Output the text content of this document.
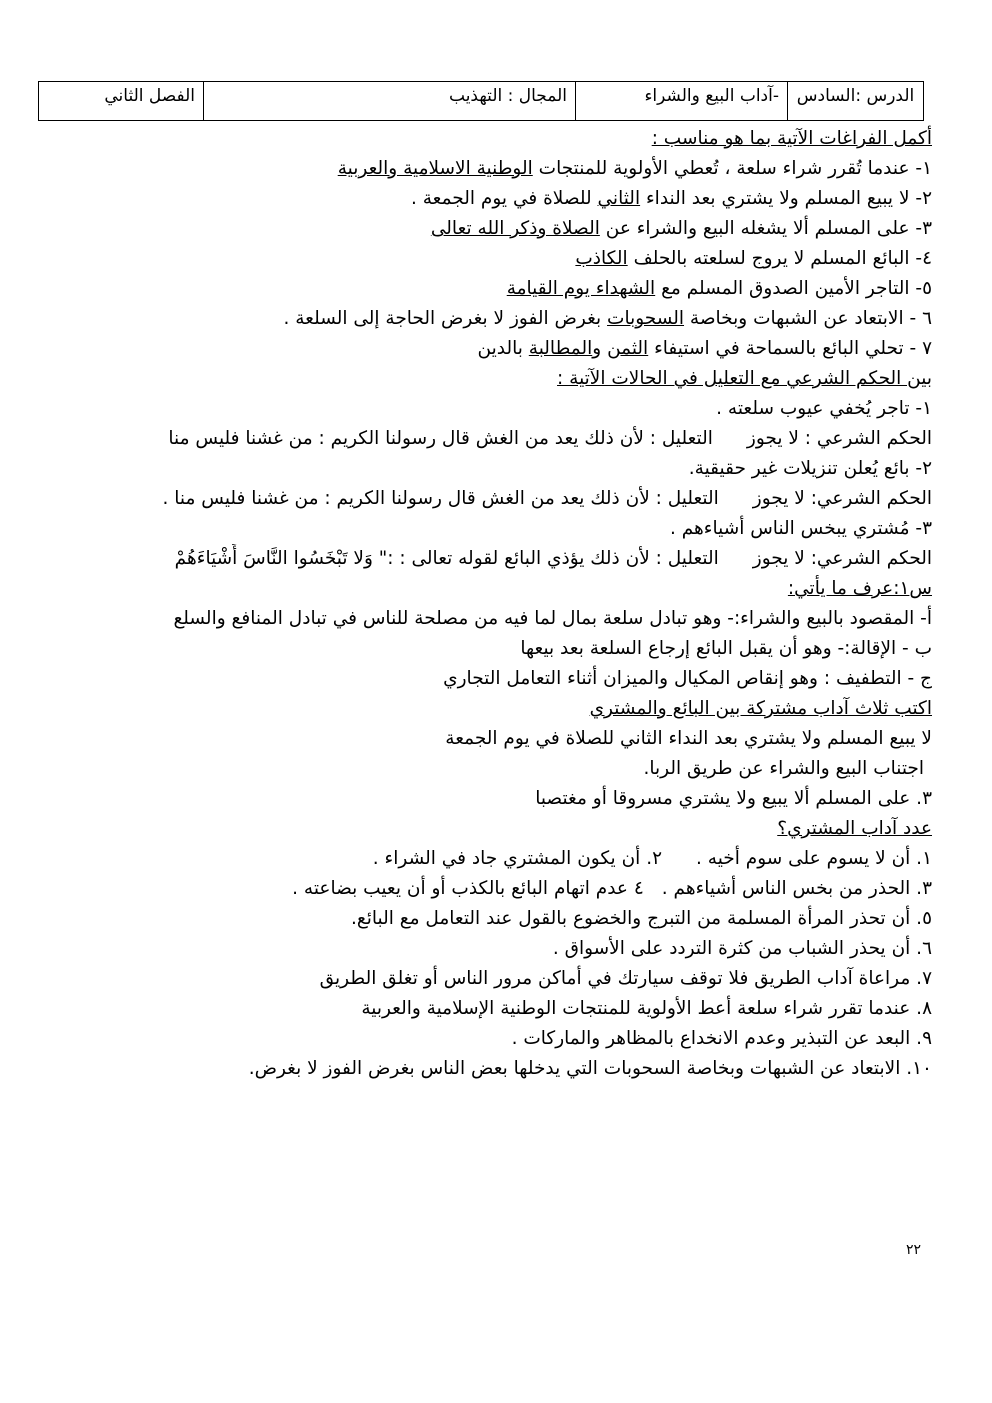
الدرس :السادس
-آداب البيع والشراء
المجال : التهذيب
الفصل الثاني
أكمل الفراغات الآتية بما هو مناسب :
١- عندما تُقرر شراء سلعة ، تُعطي الأولوية للمنتجات الوطنية الاسلامية والعربية
٢- لا يبيع المسلم ولا يشتري بعد النداء الثاني للصلاة في يوم الجمعة .
٣- على المسلم ألا يشغله البيع والشراء عن الصلاة وذكر الله تعالى
٤- البائع المسلم لا يروج لسلعته بالحلف الكاذب
٥- التاجر الأمين الصدوق المسلم مع الشهداء يوم القيامة
٦ - الابتعاد عن الشبهات وبخاصة السحوبات بغرض الفوز لا بغرض الحاجة إلى السلعة .
٧ - تحلي البائع بالسماحة في استيفاء الثمن والمطالبة بالدين
بين الحكم الشرعي مع التعليل في الحالات الآتية :
١- تاجر يُخفي عيوب سلعته .
الحكم الشرعي : لا يجوزالتعليل : لأن ذلك يعد من الغش قال رسولنا الكريم : من غشنا فليس منا
٢- بائع يُعلن تنزيلات غير حقيقية.
الحكم الشرعي: لا يجوزالتعليل : لأن ذلك يعد من الغش قال رسولنا الكريم : من غشنا فليس منا .
٣- مُشتري يبخس الناس أشياءهم .
الحكم الشرعي: لا يجوزالتعليل : لأن ذلك يؤذي البائع لقوله تعالى : :" وَلا تَبْخَسُوا النَّاسَ أَشْيَاءَهُمْ
س١:عرف ما يأتي:
أ- المقصود بالبيع والشراء:- وهو تبادل سلعة بمال لما فيه من مصلحة للناس في تبادل المنافع والسلع
ب - الإقالة:- وهو أن يقبل البائع إرجاع السلعة بعد بيعها
ج - التطفيف : وهو إنقاص المكيال والميزان أثناء التعامل التجاري
اكتب ثلاث آداب مشتركة بين البائع والمشتري
لا يبيع المسلم ولا يشتري بعد النداء الثاني للصلاة في يوم الجمعة
اجتناب البيع والشراء عن طريق الربا.
٣. على المسلم ألا يبيع ولا يشتري مسروقا أو مغتصبا
عدد آداب المشتري؟
١. أن لا يسوم على سوم أخيه .٢. أن يكون المشتري جاد في الشراء .
٣. الحذر من بخس الناس أشياءهم .٤ عدم اتهام البائع بالكذب أو أن يعيب بضاعته .
٥. أن تحذر المرأة المسلمة من التبرج والخضوع بالقول عند التعامل مع البائع.
٦. أن يحذر الشباب من كثرة التردد على الأسواق .
٧. مراعاة آداب الطريق فلا توقف سيارتك في أماكن مرور الناس أو تغلق الطريق
٨. عندما تقرر شراء سلعة أعط الأولوية للمنتجات الوطنية الإسلامية والعربية
٩. البعد عن التبذير وعدم الانخداع بالمظاهر والماركات .
١٠. الابتعاد عن الشبهات وبخاصة السحوبات التي يدخلها بعض الناس بغرض الفوز لا بغرض.
٢٢
